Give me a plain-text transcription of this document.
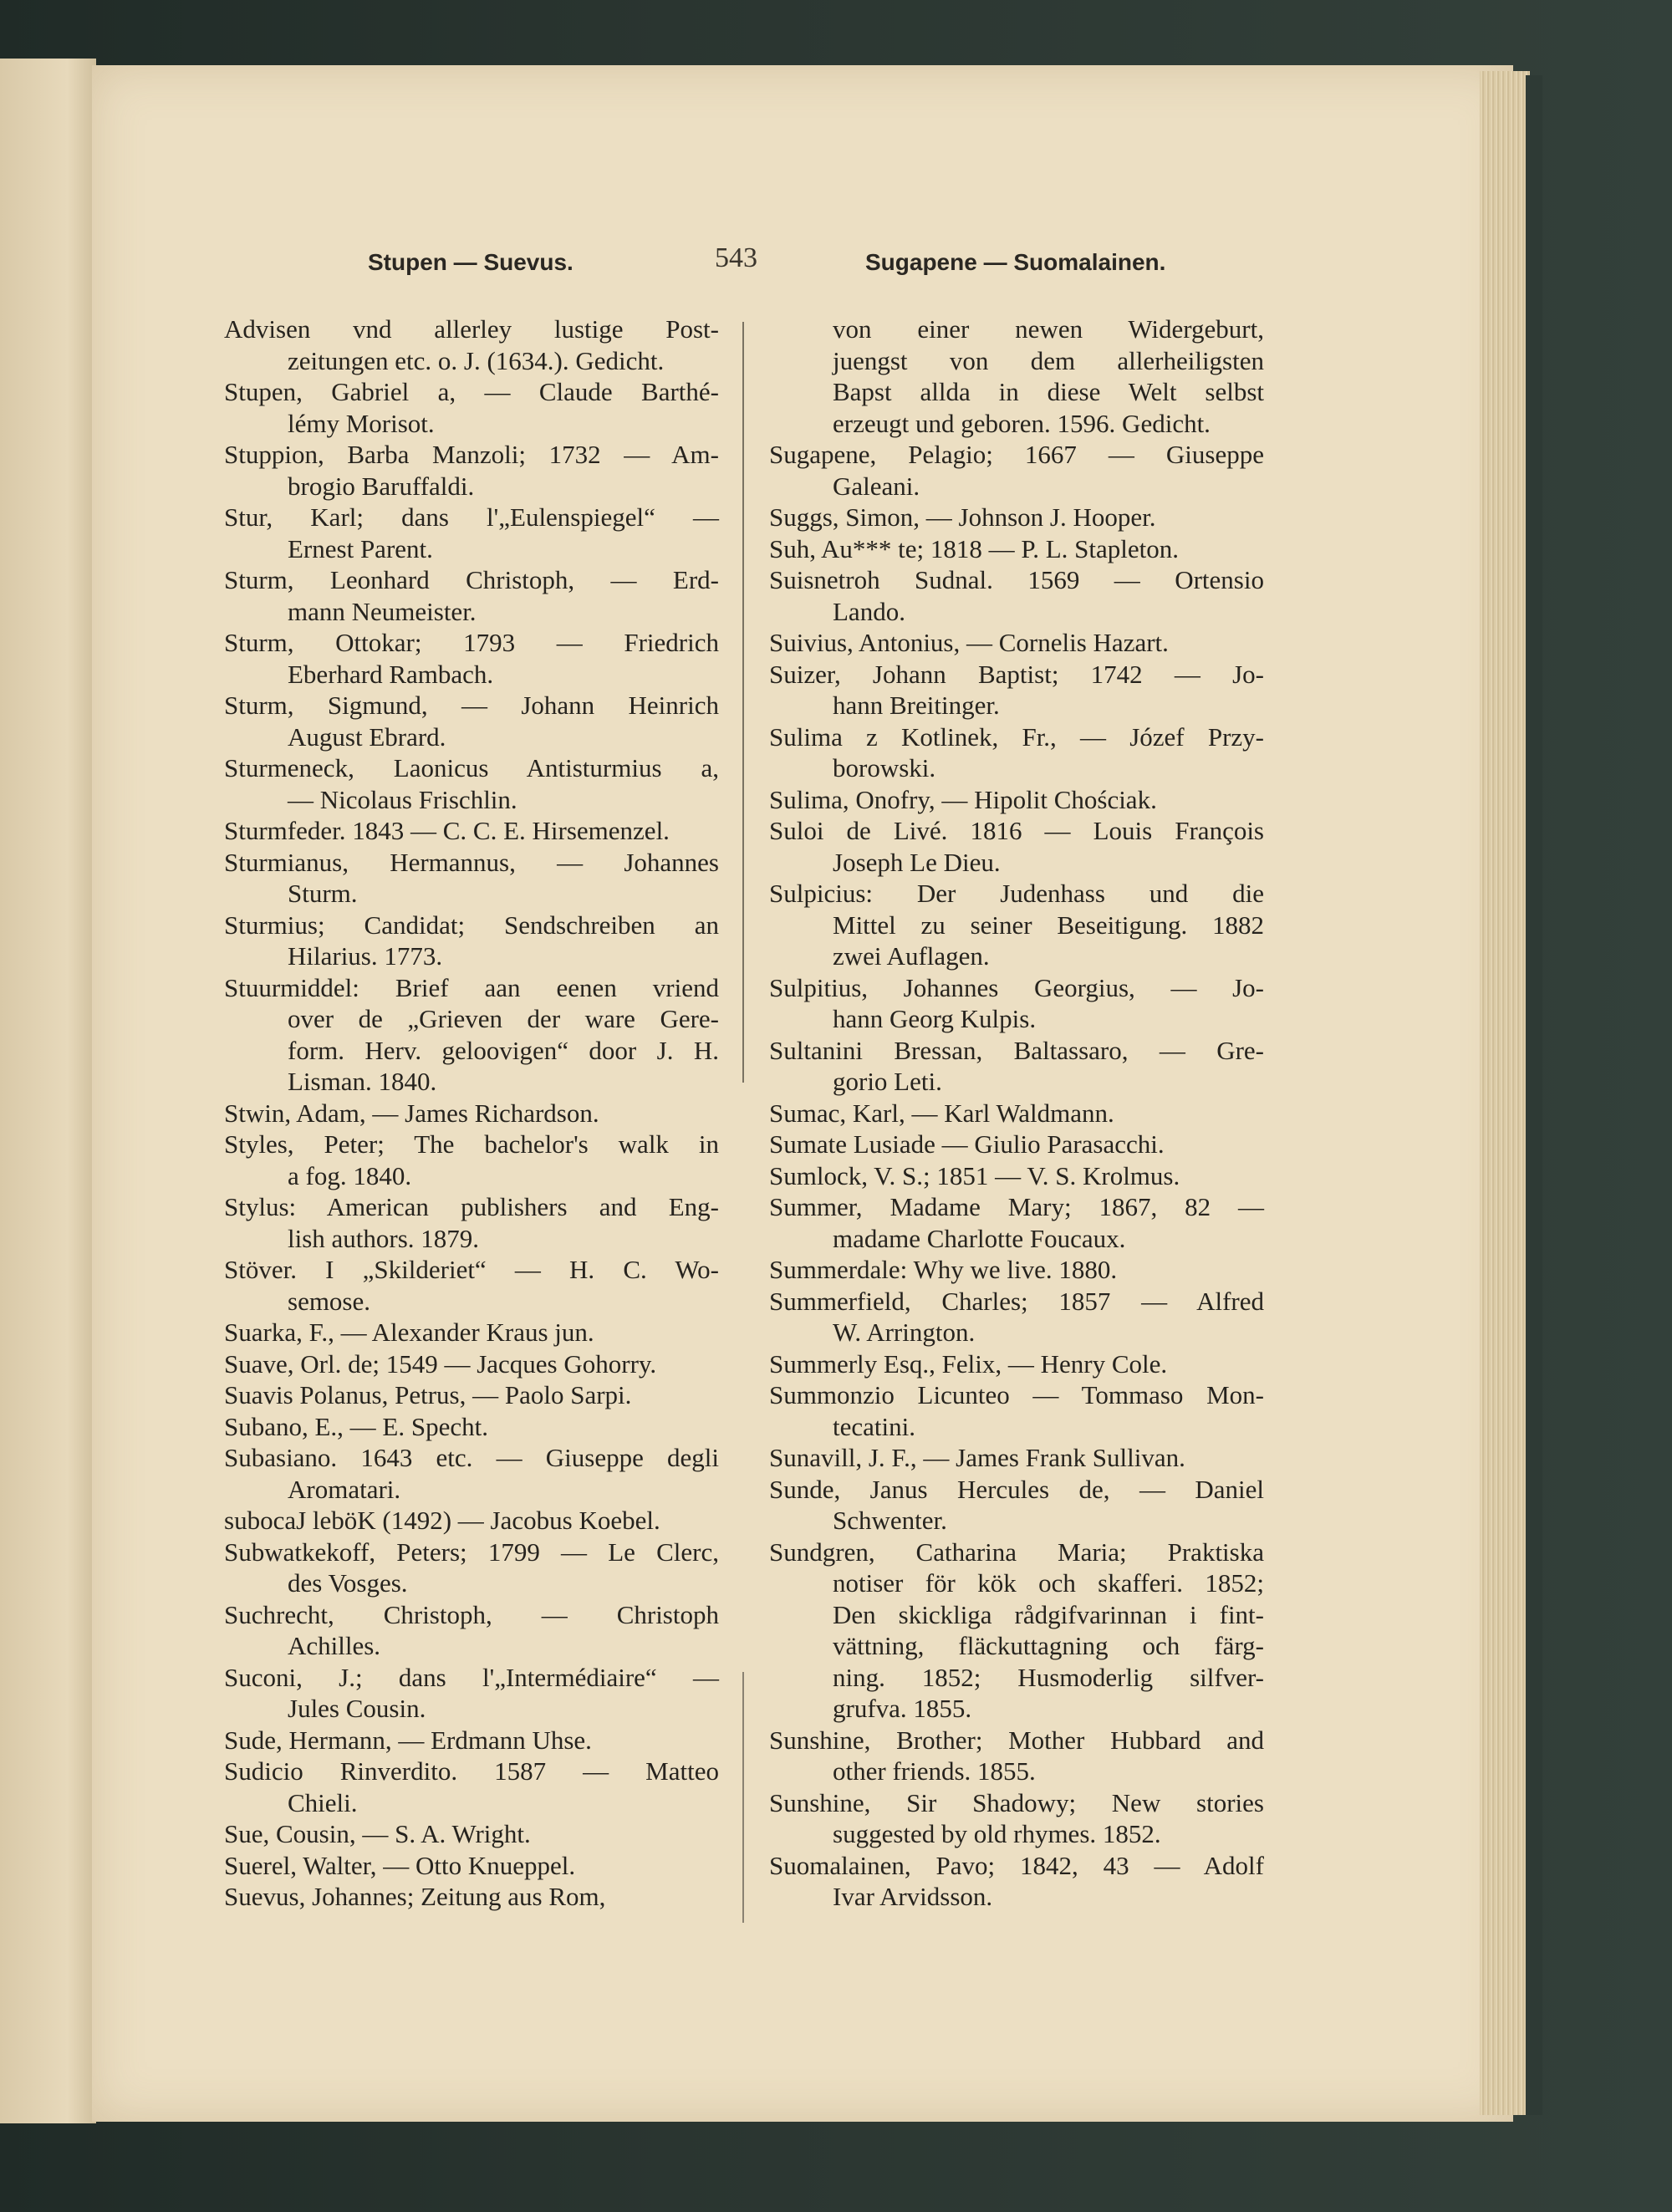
Stupen — Suevus.	543	Sugapene — Suomalainen.
Advisen vnd allerley lustige Post-
zeitungen etc. o. J. (1634.). Gedicht.
Stupen, Gabriel a, — Claude Barthé-
lémy Morisot.
Stuppion, Barba Manzoli; 1732 — Am-
brogio Baruffaldi.
Stur, Karl; dans l'„Eulenspiegel“ —
Ernest Parent.
Sturm, Leonhard Christoph, — Erd-
mann Neumeister.
Sturm, Ottokar; 1793 — Friedrich
Eberhard Rambach.
Sturm, Sigmund, — Johann Heinrich
August Ebrard.
Sturmeneck, Laonicus Antisturmius a,
— Nicolaus Frischlin.
Sturmfeder. 1843 — C. C. E. Hirsemenzel.
Sturmianus, Hermannus, — Johannes
Sturm.
Sturmius; Candidat; Sendschreiben an
Hilarius. 1773.
Stuurmiddel: Brief aan eenen vriend
over de „Grieven der ware Gere-
form. Herv. geloovigen“ door J. H.
Lisman. 1840.
Stwin, Adam, — James Richardson.
Styles, Peter; The bachelor's walk in
a fog. 1840.
Stylus: American publishers and Eng-
lish authors. 1879.
Stöver. I „Skilderiet“ — H. C. Wo-
semose.
Suarka, F., — Alexander Kraus jun.
Suave, Orl. de; 1549 — Jacques Gohorry.
Suavis Polanus, Petrus, — Paolo Sarpi.
Subano, E., — E. Specht.
Subasiano. 1643 etc. — Giuseppe degli
Aromatari.
subocaJ leböK (1492) — Jacobus Koebel.
Subwatkekoff, Peters; 1799 — Le Clerc,
des Vosges.
Suchrecht, Christoph, — Christoph
Achilles.
Suconi, J.; dans l'„Intermédiaire“ —
Jules Cousin.
Sude, Hermann, — Erdmann Uhse.
Sudicio Rinverdito. 1587 — Matteo
Chieli.
Sue, Cousin, — S. A. Wright.
Suerel, Walter, — Otto Knueppel.
Suevus, Johannes; Zeitung aus Rom,
von einer newen Widergeburt,
juengst von dem allerheiligsten
Bapst allda in diese Welt selbst
erzeugt und geboren. 1596. Gedicht.
Sugapene, Pelagio; 1667 — Giuseppe
Galeani.
Suggs, Simon, — Johnson J. Hooper.
Suh, Au*** te; 1818 — P. L. Stapleton.
Suisnetroh Sudnal. 1569 — Ortensio
Lando.
Suivius, Antonius, — Cornelis Hazart.
Suizer, Johann Baptist; 1742 — Jo-
hann Breitinger.
Sulima z Kotlinek, Fr., — Józef Przy-
borowski.
Sulima, Onofry, — Hipolit Chościak.
Suloi de Livé. 1816 — Louis François
Joseph Le Dieu.
Sulpicius: Der Judenhass und die
Mittel zu seiner Beseitigung. 1882
zwei Auflagen.
Sulpitius, Johannes Georgius, — Jo-
hann Georg Kulpis.
Sultanini Bressan, Baltassaro, — Gre-
gorio Leti.
Sumac, Karl, — Karl Waldmann.
Sumate Lusiade — Giulio Parasacchi.
Sumlock, V. S.; 1851 — V. S. Krolmus.
Summer, Madame Mary; 1867, 82 —
madame Charlotte Foucaux.
Summerdale: Why we live. 1880.
Summerfield, Charles; 1857 — Alfred
W. Arrington.
Summerly Esq., Felix, — Henry Cole.
Summonzio Licunteo — Tommaso Mon-
tecatini.
Sunavill, J. F., — James Frank Sullivan.
Sunde, Janus Hercules de, — Daniel
Schwenter.
Sundgren, Catharina Maria; Praktiska
notiser för kök och skafferi. 1852;
Den skickliga rådgifvarinnan i fint-
vättning, fläckuttagning och färg-
ning. 1852; Husmoderlig silfver-
grufva. 1855.
Sunshine, Brother; Mother Hubbard and
other friends. 1855.
Sunshine, Sir Shadowy; New stories
suggested by old rhymes. 1852.
Suomalainen, Pavo; 1842, 43 — Adolf
Ivar Arvidsson.
